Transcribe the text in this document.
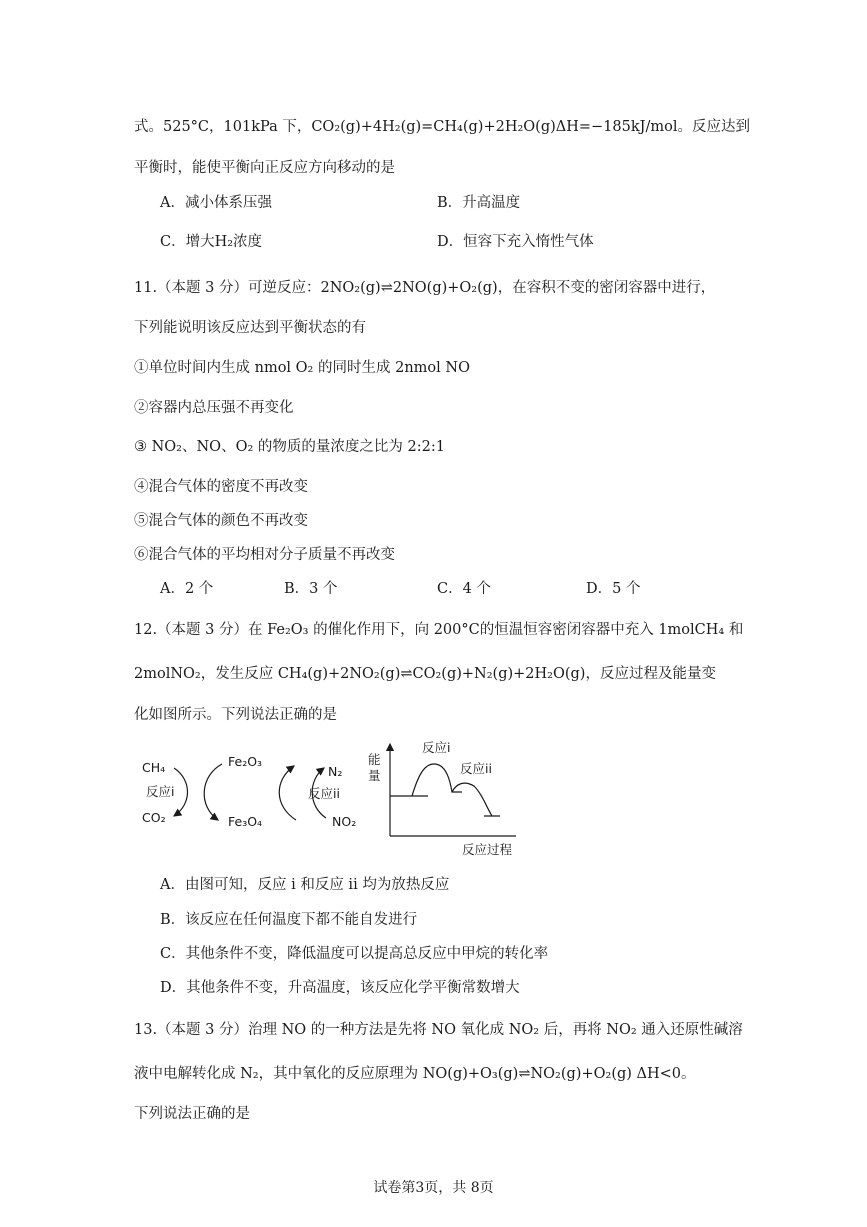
式。525°C，101kPa 下，CO₂(g)+4H₂(g)=CH₄(g)+2H₂O(g)ΔH=−185kJ/mol。反应达到
平衡时，能使平衡向正反应方向移动的是
A．减小体系压强	B．升高温度
C．增大H₂浓度	D．恒容下充入惰性气体
11.（本题 3 分）可逆反应：2NO₂(g)⇌2NO(g)+O₂(g)，在容积不变的密闭容器中进行，
下列能说明该反应达到平衡状态的有
①单位时间内生成 nmol O₂ 的同时生成 2nmol NO
②容器内总压强不再变化
③ NO₂、NO、O₂ 的物质的量浓度之比为 2:2:1
④混合气体的密度不再改变
⑤混合气体的颜色不再改变
⑥混合气体的平均相对分子质量不再改变
A．2 个	B．3 个	C．4 个	D．5 个
12.（本题 3 分）在 Fe₂O₃ 的催化作用下，向 200°C的恒温恒容密闭容器中充入 1molCH₄ 和
2molNO₂，发生反应 CH₄(g)+2NO₂(g)⇌CO₂(g)+N₂(g)+2H₂O(g)，反应过程及能量变
化如图所示。下列说法正确的是
CH₄
反应i
CO₂
Fe₂O₃
Fe₃O₄
N₂
反应ii
NO₂
能
量
反应过程
反应i
反应ii
A．由图可知，反应 i 和反应 ii 均为放热反应
B．该反应在任何温度下都不能自发进行
C．其他条件不变，降低温度可以提高总反应中甲烷的转化率
D．其他条件不变，升高温度，该反应化学平衡常数增大
13.（本题 3 分）治理 NO 的一种方法是先将 NO 氧化成 NO₂ 后，再将 NO₂ 通入还原性碱溶
液中电解转化成 N₂，其中氧化的反应原理为 NO(g)+O₃(g)⇌NO₂(g)+O₂(g) ΔH<0。
下列说法正确的是
试卷第3页，共 8页
